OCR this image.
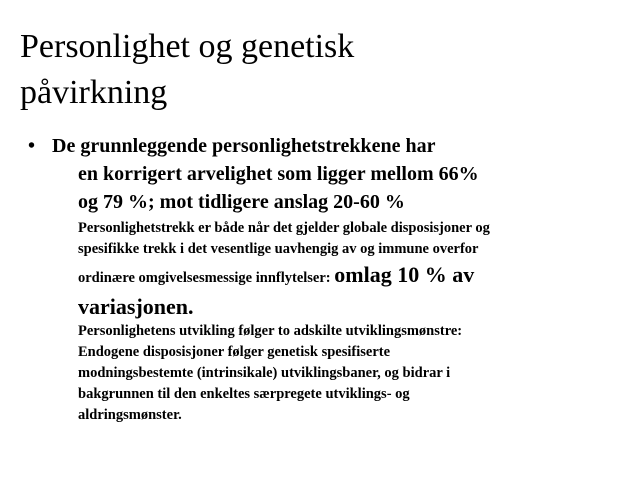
Personlighet og genetisk
påvirkning
• De grunnleggende personlighetstrekkene har
en korrigert arvelighet som ligger mellom 66%
og 79 %; mot tidligere anslag 20-60 %
Personlighetstrekk er både når det gjelder globale disposisjoner og
spesifikke trekk i det vesentlige uavhengig av og immune overfor
ordinære omgivelsesmessige innflytelser: omlag 10 % av
variasjonen.
Personlighetens utvikling følger to adskilte utviklingsmønstre:
Endogene disposisjoner følger genetisk spesifiserte
modningsbestemte (intrinsikale) utviklingsbaner, og bidrar i
bakgrunnen til den enkeltes særpregete utviklings- og
aldringsmønster.
